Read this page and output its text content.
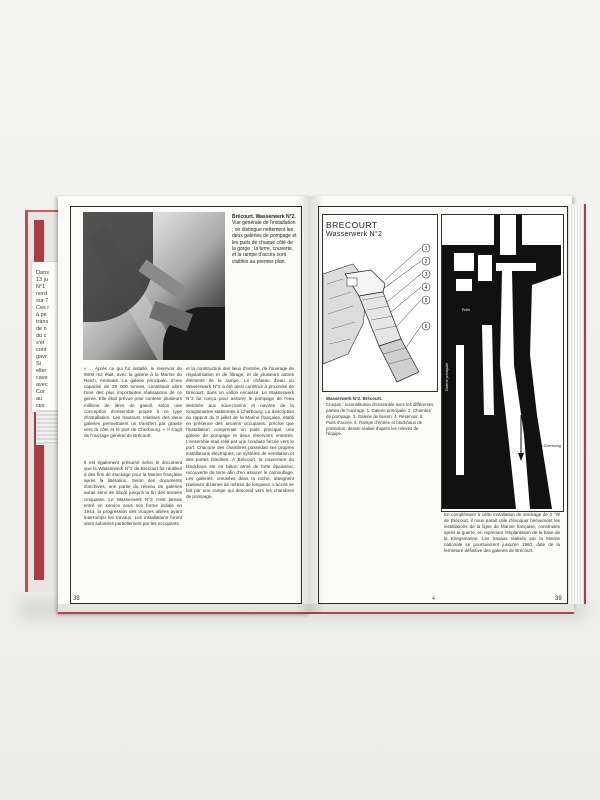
Dans
13 ju
N°1
nord
sur 7
Ces r
à pe
trans
de n
du c
s'ét
cont
gavr
Si
eller
cave
avec
Cor
au
ces

Brécourt. Wasserwerk N°2. Vue générale de l'installation ; on distingue nettement les deux galeries de pompage et les puits de chaque côté de la gorge ; la terre, couverte, et la rampe d'accès sont visibles au premier plan.
« ... Aprés ce qui fut installé, le reservoir de 9000 m3 était, avec la galerie à la Marine du Reich, Amirauté. La galerie principale, d'une capacité de 29 000 tonnes, constituait alors l'une des plus importantes réalisations de ce genre. Elle était prévue pour contenir plusieurs millions de litres de gasoil, selon une conception d'ensemble propre à ce type d'installation. Les hauteurs relatives des deux galeries permettaient un transfert par gravité vers la côte et le port de Cherbourg. » Il s'agit de l'ouvrage général de Brécourt.
Il est également présumé selon le document que le Wasserwerk N°2 de Brécourt fut réutilisé à des fins de stockage pour la Marine française après la libération. Selon des documents d'archives, une partie du réseau de galeries aurait servi de dépôt jusqu'à la fin des années cinquante. Le Wasserwerk N°2 n'est jamais entré en service sous son forme initiale en 1944, la progression des troupes alliées ayant interrompu les travaux. Les installations furent alors sabotées partiellement par les occupants.
et la construction des lieux d'entrée, de l'ouvrage de régularisation et de filtrage, et de plusieurs autres éléments de la rampe. Le château d'eau ou Wasserwerk N°2 a été ainsi construit à proximité de Brécourt, dans un vallon encaissé. Le Wasserwerk N°2 fut conçu pour assurer le pompage de l'eau destinée aux sous-marins et navires de la Kriegsmarine stationnés à Cherbourg. La description du rapport du 8 juillet de la Marine française, établi en présence des anciens occupants, précise que l'installation comprenait un puits principal, une galerie de pompage et deux réservoirs enterrés. L'ensemble était relié par une conduite forcée vers le port. Chacune des chambres possédait ses propres installations électriques, un système de ventilation et des portes blindées. À Brécourt, la couverture du blockhaus est en béton armé de forte épaisseur, recouverte de terre afin d'en assurer le camouflage. Les galeries, creusées dans la roche, atteignent plusieurs dizaines de mètres de longueur. L'accès se fait par une rampe qui descend vers les chambres de pompage.
38
BRECOURT
Wasserwerk N°2
1
2
3
4
5
6
Wasserwerk N°2. Brécourt.
Croquis : reconstitution d'ensemble avec les différentes parties de l'ouvrage. 1. Galerie principale. 2. Chambre de pompage. 3. Galerie de liaison. 4. Réservoir. 5. Puits d'accès. 6. Rampe d'entrée et blockhaus de protection, dessin réalisé d'après les relevés de l'équipe.
Puits
Galerie principale
Sortie
vers Cherbourg
En complément à cette installation de stockage de 2 °W de Brécourt, il nous paraît utile d'évoquer brièvement les installations de la ligne de Marine française, construites après la guerre, en reprenant l'implantation de la base de la Kriegsmarine. Les travaux réalisés par la Marine nationale se poursuivirent jusqu'en 1960, date de la fermeture définitive des galeries de Brécourt.
4	39
